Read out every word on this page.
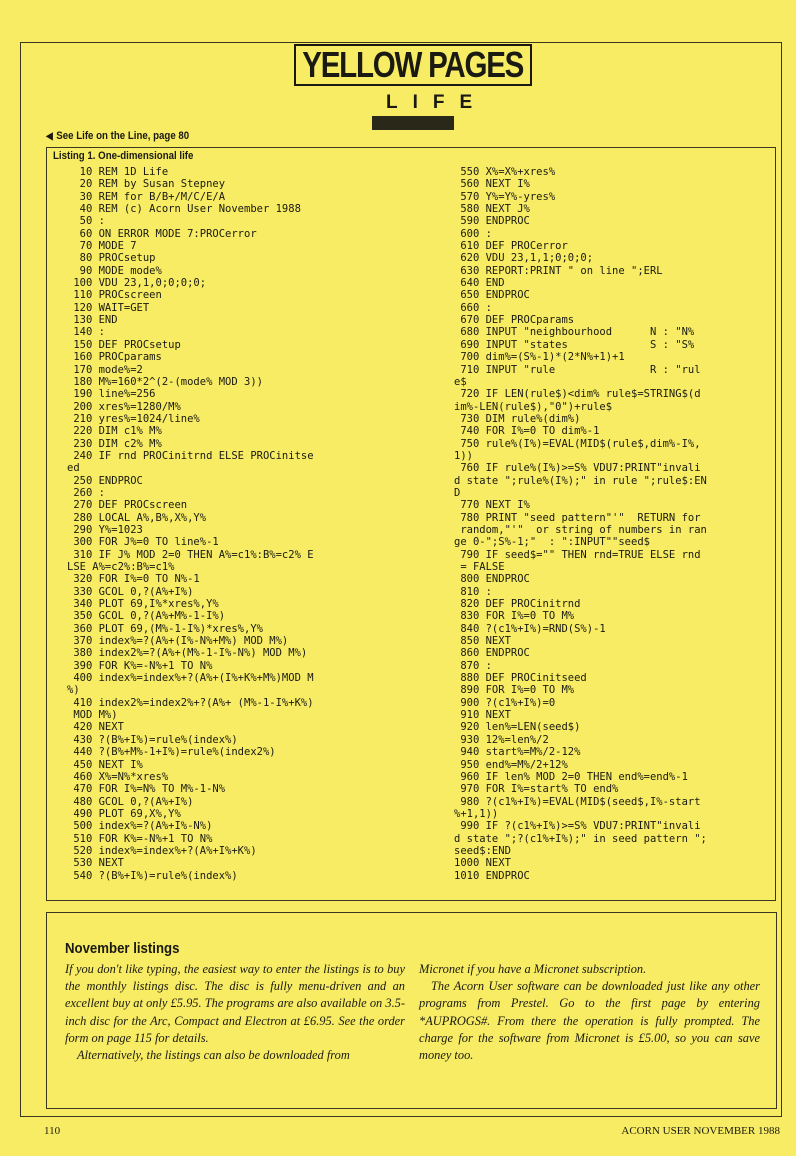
YELLOW PAGES
LIFE
◀ See Life on the Line, page 80
Listing 1. One-dimensional life
10 REM 1D Life
20 REM by Susan Stepney
30 REM for B/B+/M/C/E/A
40 REM (c) Acorn User November 1988
50 :
60 ON ERROR MODE 7:PROCerror
70 MODE 7
80 PROCsetup
90 MODE mode%
100 VDU 23,1,0;0;0;0;
110 PROCscreen
120 WAIT=GET
130 END
140 :
150 DEF PROCsetup
160 PROCparams
170 mode%=2
180 M%=160*2^(2-(mode% MOD 3))
190 line%=256
200 xres%=1280/M%
210 yres%=1024/line%
220 DIM c1% M%
230 DIM c2% M%
240 IF rnd PROCinitrnd ELSE PROCinitse
ed
250 ENDPROC
260 :
270 DEF PROCscreen
280 LOCAL A%,B%,X%,Y%
290 Y%=1023
300 FOR J%=0 TO line%-1
310 IF J% MOD 2=0 THEN A%=c1%:B%=c2% E
LSE A%=c2%:B%=c1%
320 FOR I%=0 TO N%-1
330 GCOL 0,?(A%+I%)
340 PLOT 69,I%*xres%,Y%
350 GCOL 0,?(A%+M%-1-I%)
360 PLOT 69,(M%-1-I%)*xres%,Y%
370 index%=?(A%+(I%-N%+M%) MOD M%)
380 index2%=?(A%+(M%-1-I%-N%) MOD M%)
390 FOR K%=-N%+1 TO N%
400 index%=index%+?(A%+(I%+K%+M%)MOD M
%)
410 index2%=index2%+?(A%+ (M%-1-I%+K%)
MOD M%)
420 NEXT
430 ?(B%+I%)=rule%(index%)
440 ?(B%+M%-1+I%)=rule%(index2%)
450 NEXT I%
460 X%=N%*xres%
470 FOR I%=N% TO M%-1-N%
480 GCOL 0,?(A%+I%)
490 PLOT 69,X%,Y%
500 index%=?(A%+I%-N%)
510 FOR K%=-N%+1 TO N%
520 index%=index%+?(A%+I%+K%)
530 NEXT
540 ?(B%+I%)=rule%(index%)
550 X%=X%+xres%
560 NEXT I%
570 Y%=Y%-yres%
580 NEXT J%
590 ENDPROC
600 :
610 DEF PROCerror
620 VDU 23,1,1;0;0;0;
630 REPORT:PRINT " on line ";ERL
640 END
650 ENDPROC
660 :
670 DEF PROCparams
680 INPUT "neighbourhood      N : "N%
690 INPUT "states             S : "S%
700 dim%=(S%-1)*(2*N%+1)+1
710 INPUT "rule               R : "rul
e$
720 IF LEN(rule$)<dim% rule$=STRING$(d
im%-LEN(rule$),"0")+rule$
730 DIM rule%(dim%)
740 FOR I%=0 TO dim%-1
750 rule%(I%)=EVAL(MID$(rule$,dim%-I%,
1))
760 IF rule%(I%)>=S% VDU7:PRINT"invali
d state ";rule%(I%);" in rule ";rule$:EN
D
770 NEXT I%
780 PRINT "seed pattern"'"  RETURN for
random,"'"  or string of numbers in ran
ge 0-";S%-1;"  : ":INPUT""seed$
790 IF seed$="" THEN rnd=TRUE ELSE rnd
= FALSE
800 ENDPROC
810 :
820 DEF PROCinitrnd
830 FOR I%=0 TO M%
840 ?(c1%+I%)=RND(S%)-1
850 NEXT
860 ENDPROC
870 :
880 DEF PROCinitseed
890 FOR I%=0 TO M%
900 ?(c1%+I%)=0
910 NEXT
920 len%=LEN(seed$)
930 12%=len%/2
940 start%=M%/2-12%
950 end%=M%/2+12%
960 IF len% MOD 2=0 THEN end%=end%-1
970 FOR I%=start% TO end%
980 ?(c1%+I%)=EVAL(MID$(seed$,I%-start
%+1,1))
990 IF ?(c1%+I%)>=S% VDU7:PRINT"invali
d state ";?(c1%+I%);" in seed pattern ";
seed$:END
1000 NEXT
1010 ENDPROC
November listings

If you don't like typing, the easiest way to enter the listings is to buy the monthly listings disc. The disc is fully menu-driven and an excellent buy at only £5.95. The programs are also available on 3.5-inch disc for the Arc, Compact and Electron at £6.95. See the order form on page 115 for details.

Alternatively, the listings can also be downloaded from

Micronet if you have a Micronet subscription.

The Acorn User software can be downloaded just like any other programs from Prestel. Go to the first page by entering *AUPROGS#. From there the operation is fully prompted. The charge for the software from Micronet is £5.00, so you can save money too.

110	ACORN USER NOVEMBER 1988
